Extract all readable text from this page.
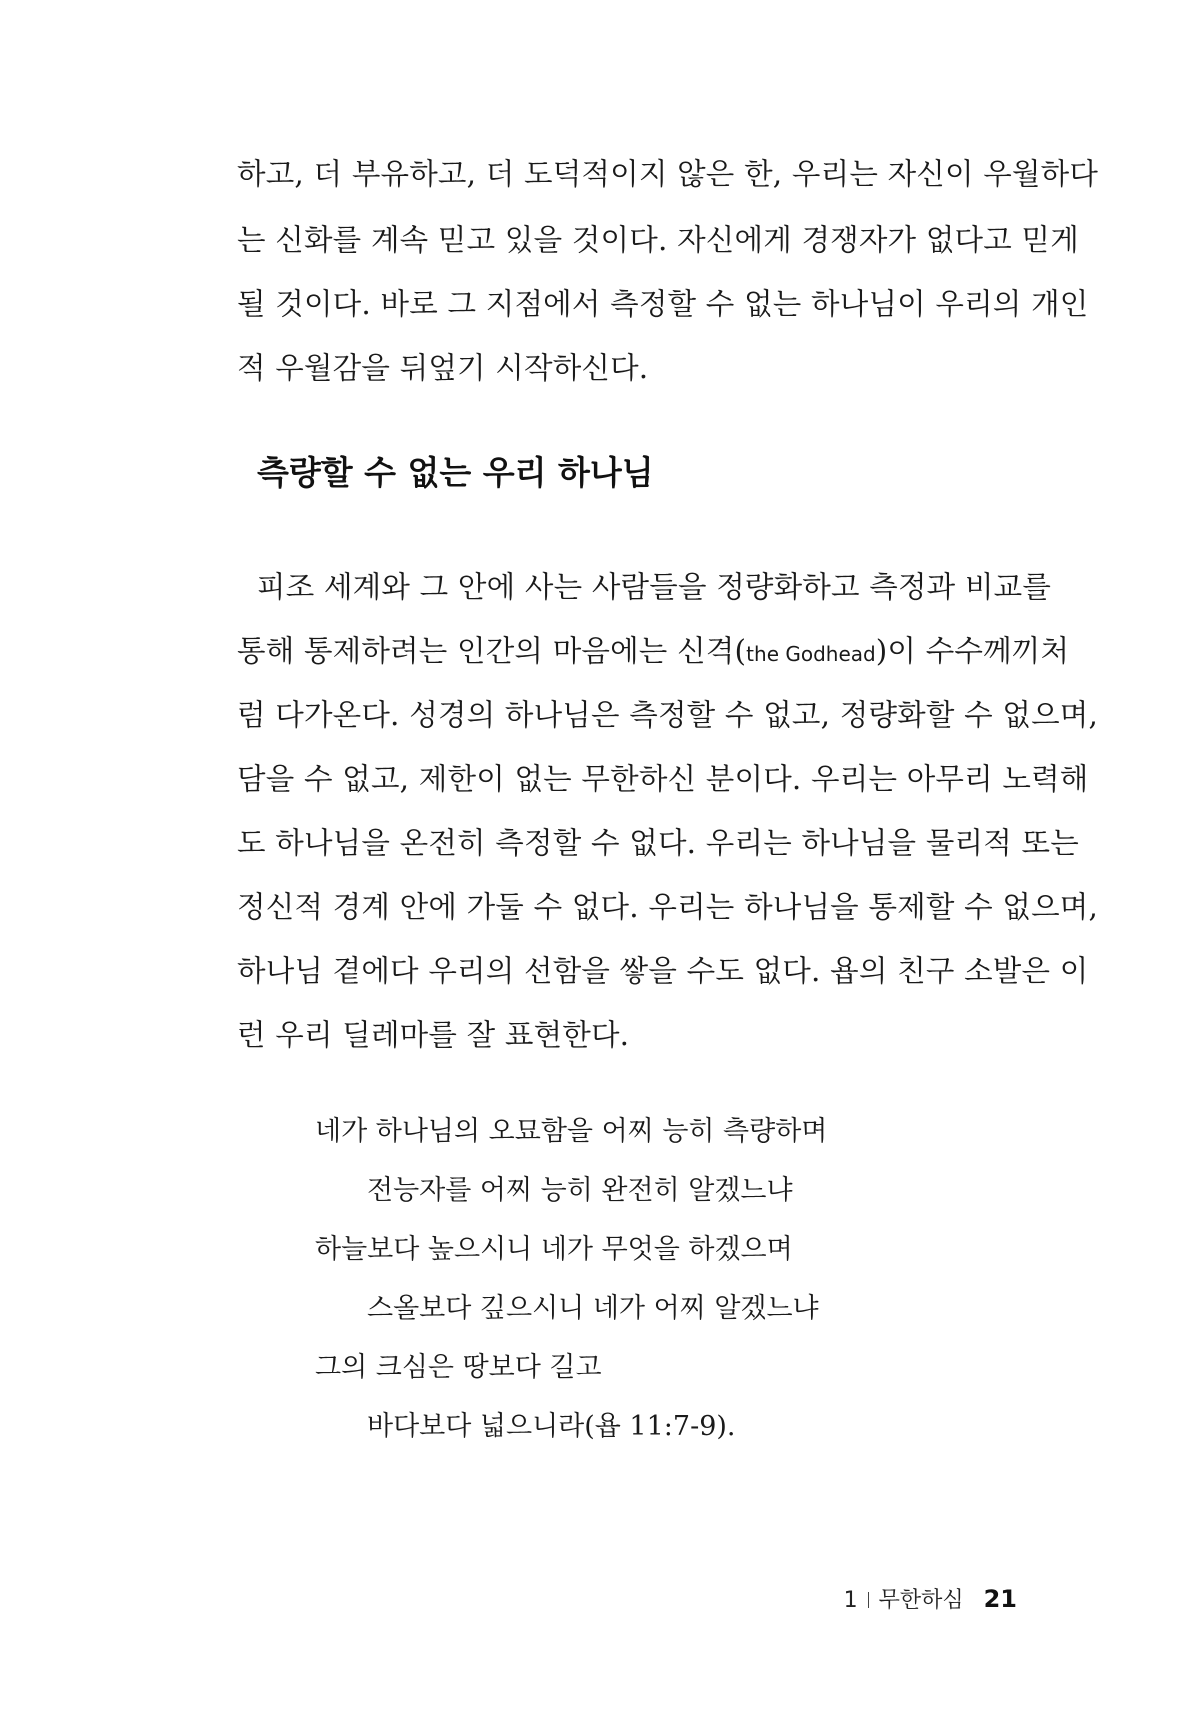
하고, 더 부유하고, 더 도덕적이지 않은 한, 우리는 자신이 우월하다
는 신화를 계속 믿고 있을 것이다. 자신에게 경쟁자가 없다고 믿게
될 것이다. 바로 그 지점에서 측정할 수 없는 하나님이 우리의 개인
적 우월감을 뒤엎기 시작하신다.
측량할 수 없는 우리 하나님
피조 세계와 그 안에 사는 사람들을 정량화하고 측정과 비교를
통해 통제하려는 인간의 마음에는 신격(the Godhead)이 수수께끼처
럼 다가온다. 성경의 하나님은 측정할 수 없고, 정량화할 수 없으며,
담을 수 없고, 제한이 없는 무한하신 분이다. 우리는 아무리 노력해
도 하나님을 온전히 측정할 수 없다. 우리는 하나님을 물리적 또는
정신적 경계 안에 가둘 수 없다. 우리는 하나님을 통제할 수 없으며,
하나님 곁에다 우리의 선함을 쌓을 수도 없다. 욥의 친구 소발은 이
런 우리 딜레마를 잘 표현한다.
네가 하나님의 오묘함을 어찌 능히 측량하며
전능자를 어찌 능히 완전히 알겠느냐
하늘보다 높으시니 네가 무엇을 하겠으며
스올보다 깊으시니 네가 어찌 알겠느냐
그의 크심은 땅보다 길고
바다보다 넓으니라(욥 11:7-9).
1 무한하심 21
